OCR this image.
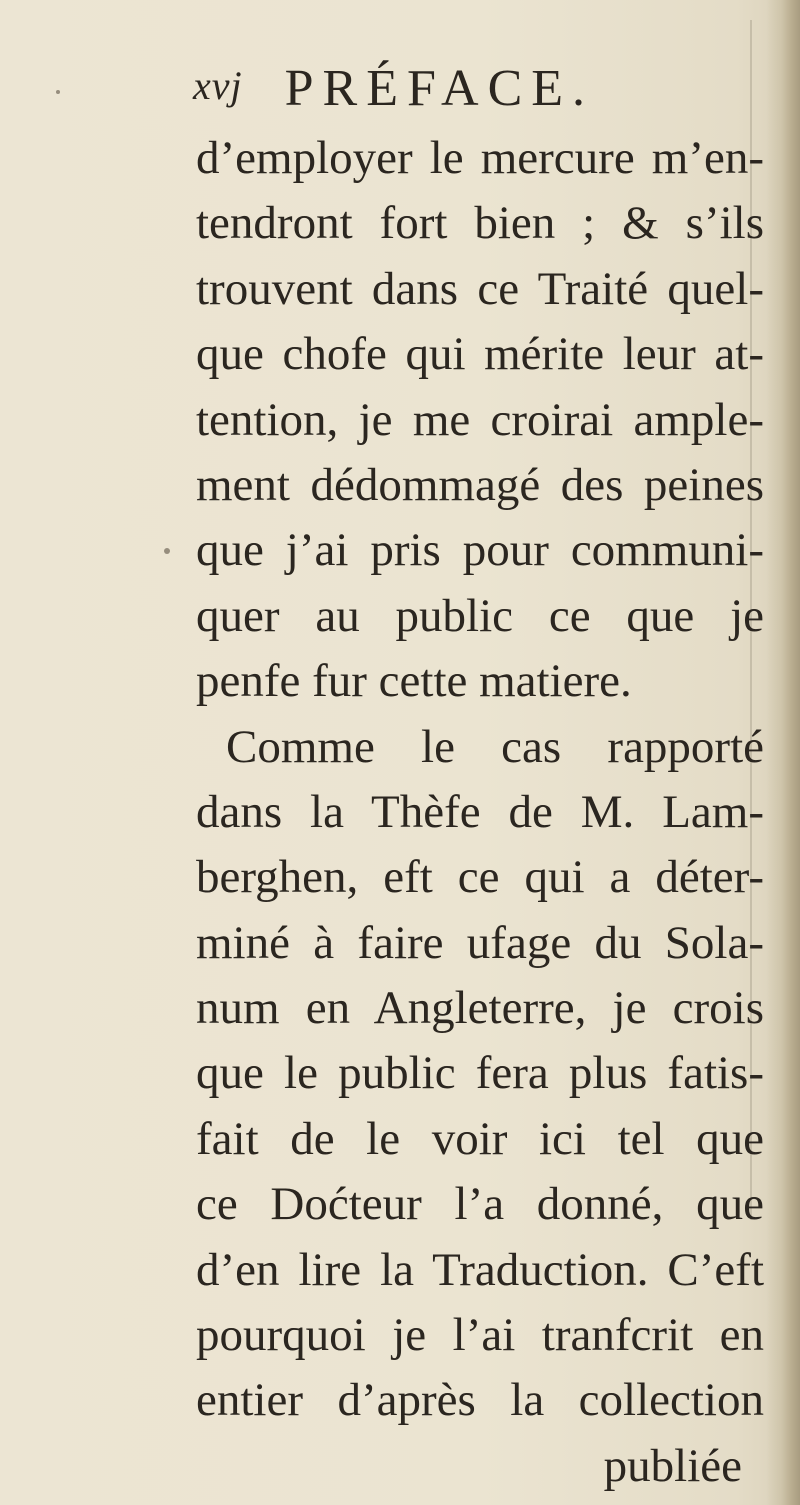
xvj PRÉFACE.
d’employer le mercure m’en-
tendront fort bien ; & s’ils
trouvent dans ce Traité quel-
que chofe qui mérite leur at-
tention, je me croirai ample-
ment dédommagé des peines
que j’ai pris pour communi-
quer au public ce que je
penfe fur cette matiere.
Comme le cas rapporté
dans la Thèfe de M. Lam-
berghen, eft ce qui a déter-
miné à faire ufage du Sola-
num en Angleterre, je crois
que le public fera plus fatis-
fait de le voir ici tel que
ce Doćteur l’a donné, que
d’en lire la Traduction. C’eft
pourquoi je l’ai tranfcrit en
entier d’après la collection
publiée
